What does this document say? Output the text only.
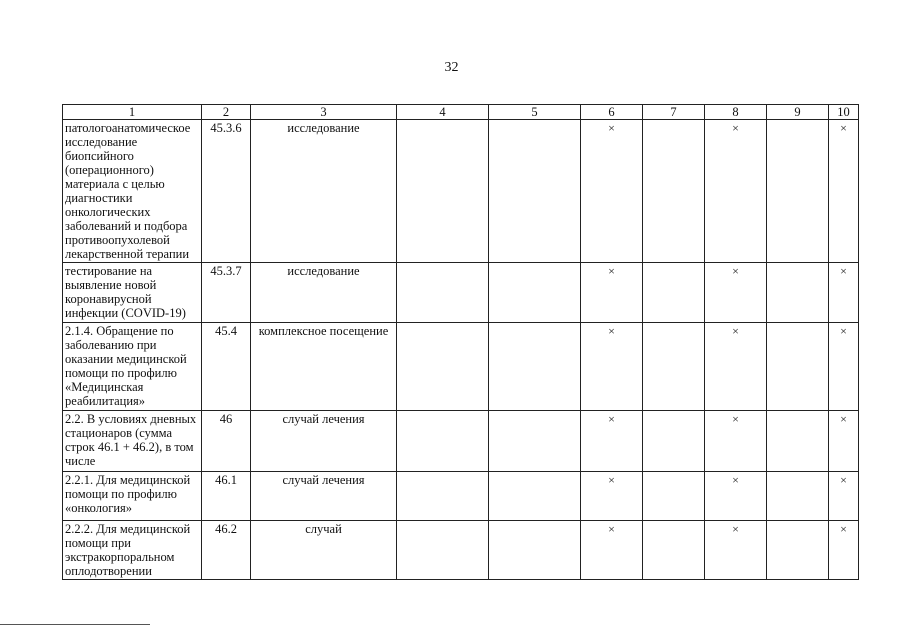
32
1	2	3	4	5	6	7	8	9	10
патологоанатомическое исследование биопсийного (операционного) материала с целью диагностики онкологических заболеваний и подбора противоопухолевой лекарственной терапии	45.3.6	исследование			×		×		×
тестирование на выявление новой коронавирусной инфекции (COVID-19)	45.3.7	исследование			×		×		×
2.1.4. Обращение по заболеванию при оказании медицинской помощи по профилю «Медицинская реабилитация»	45.4	комплексное посещение			×		×		×
2.2. В условиях дневных стационаров (сумма строк 46.1 + 46.2), в том числе	46	случай лечения			×		×		×
2.2.1. Для медицинской помощи по профилю «онкология»	46.1	случай лечения			×		×		×
2.2.2. Для медицинской помощи при экстракорпоральном оплодотворении	46.2	случай			×		×		×
